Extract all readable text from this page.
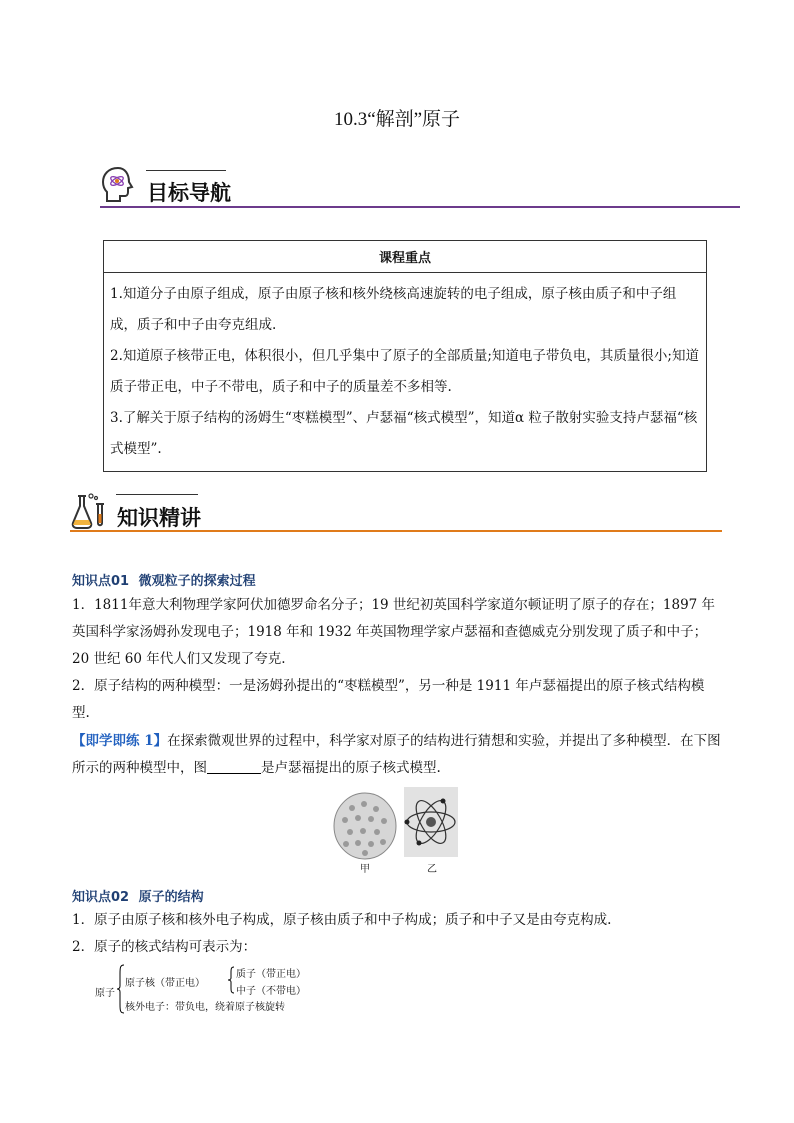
10.3“解剖”原子
目标导航
课程重点

1.知道分子由原子组成，原子由原子核和核外绕核高速旋转的电子组成，原子核由质子和中子组成，质子和中子由夸克组成.
2.知道原子核带正电，体积很小，但几乎集中了原子的全部质量;知道电子带负电，其质量很小;知道质子带正电，中子不带电，质子和中子的质量差不多相等.
3.了解关于原子结构的汤姆生“枣糕模型”、卢瑟福“核式模型”，知道α 粒子散射实验支持卢瑟福“核式模型”.
知识精讲
知识点01 微观粒子的探索过程
1．1811年意大利物理学家阿伏加德罗命名分子；19 世纪初英国科学家道尔顿证明了原子的存在；1897 年英国科学家汤姆孙发现电子；1918 年和 1932 年英国物理学家卢瑟福和查德威克分别发现了质子和中子；20 世纪 60 年代人们又发现了夸克.
2．原子结构的两种模型：一是汤姆孙提出的“枣糕模型”，另一种是 1911 年卢瑟福提出的原子核式结构模型.
【即学即练 1】在探索微观世界的过程中，科学家对原子的结构进行猜想和实验，并提出了多种模型．在下图所示的两种模型中，图	是卢瑟福提出的原子核式模型.
甲	乙
知识点02 原子的结构
1．原子由原子核和核外电子构成，原子核由质子和中子构成；质子和中子又是由夸克构成.
2．原子的核式结构可表示为：
原子
原子核（带正电）
质子（带正电）
中子（不带电）
核外电子：带负电，绕着原子核旋转
